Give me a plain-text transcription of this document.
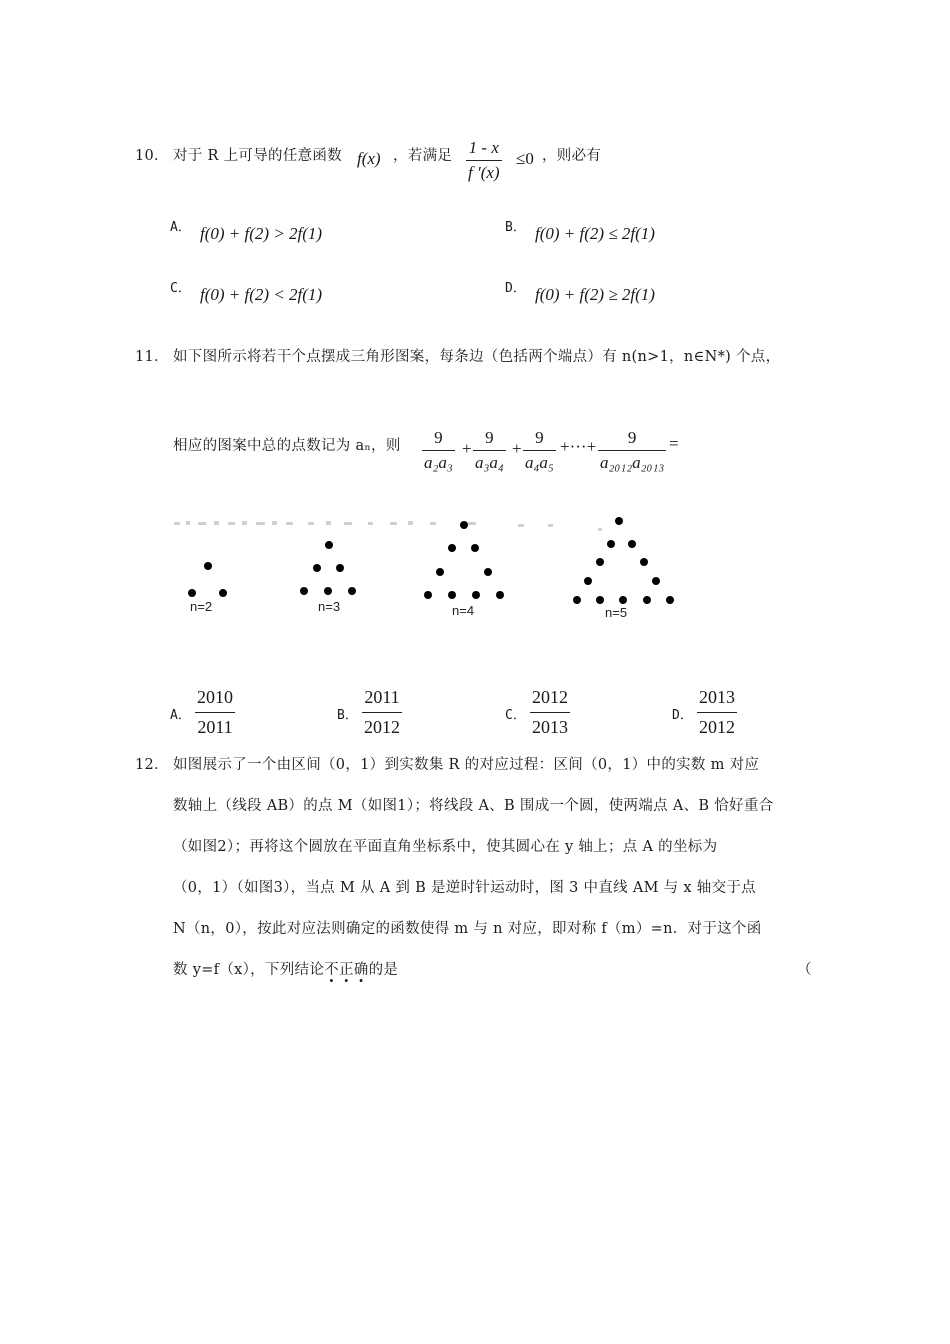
10． 对于 R 上可导的任意函数 f(x) ，若满足 $\frac{1 - x}{f '(x)} \le 0$ ，则必有
A． f(0) + f(2) > 2f(1)	B． f(0) + f(2) ≤ 2f(1)
C． f(0) + f(2) < 2f(1)	D． f(0) + f(2) ≥ 2f(1)
11． 如下图所示将若干个点摆成三角形图案，每条边（色括两个端点）有 n(n>1，n∈N*) 个点，
相应的图案中总的点数记为 aₙ，则 $\frac{9}{\text{a₂a₃}} + \frac{9}{\text{a₃a₄}} + \frac{9}{\text{a₄a₅}}$ +···+ $\frac{9}{\text{a₂₀₁₂a₂₀₁₃}}$ =
n=2	n=3	n=4	n=5
A． $\frac{2010}{2011}$	B． $\frac{2011}{2012}$	C． $\frac{2012}{2013}$	D． $\frac{2013}{2012}$
12． 如图展示了一个由区间（0，1）到实数集 R 的对应过程：区间（0，1）中的实数 m 对应
数轴上（线段 AB）的点 M（如图1）；将线段 A、B 围成一个圆，使两端点 A、B 恰好重合
（如图2）；再将这个圆放在平面直角坐标系中，使其圆心在 y 轴上；点 A 的坐标为
（0，1）（如图3），当点 M 从 A 到 B 是逆时针运动时，图 3 中直线 AM 与 x 轴交于点
N（n，0），按此对应法则确定的函数使得 m 与 n 对应，即对称 f（m）=n．对于这个函
数 y=f（x），下列结论不正确的是	（
